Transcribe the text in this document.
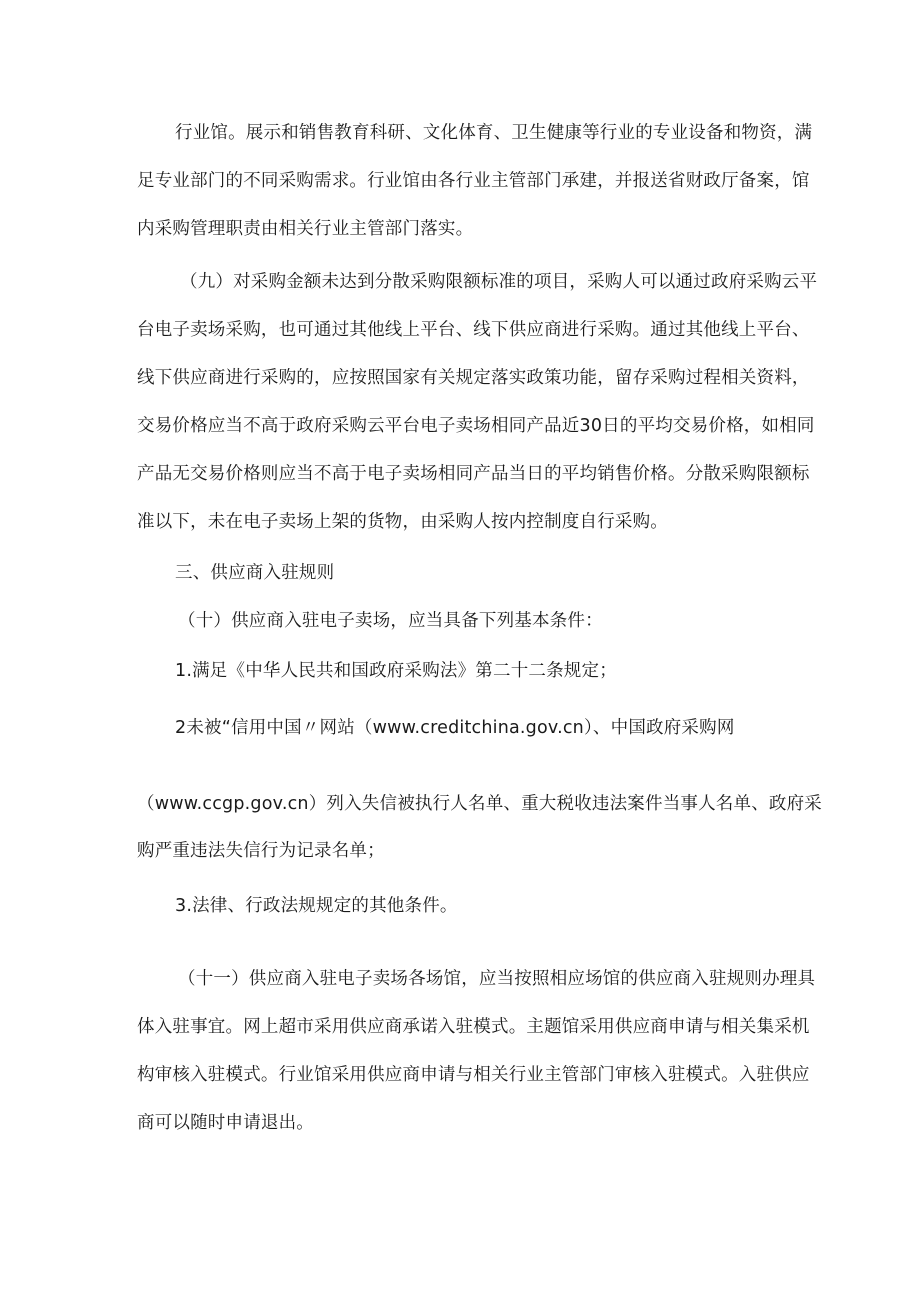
行业馆。展示和销售教育科研、文化体育、卫生健康等行业的专业设备和物资，满
足专业部门的不同采购需求。行业馆由各行业主管部门承建，并报送省财政厅备案，馆
内采购管理职责由相关行业主管部门落实。
（九）对采购金额未达到分散采购限额标准的项目，采购人可以通过政府采购云平
台电子卖场采购，也可通过其他线上平台、线下供应商进行采购。通过其他线上平台、
线下供应商进行采购的，应按照国家有关规定落实政策功能，留存采购过程相关资料，
交易价格应当不高于政府采购云平台电子卖场相同产品近30日的平均交易价格，如相同
产品无交易价格则应当不高于电子卖场相同产品当日的平均销售价格。分散采购限额标
准以下，未在电子卖场上架的货物，由采购人按内控制度自行采购。
三、供应商入驻规则
（十）供应商入驻电子卖场，应当具备下列基本条件：
1.满足《中华人民共和国政府采购法》第二十二条规定；
2未被“信用中国〃网站（www.creditchina.gov.cn）、中国政府采购网
（www.ccgp.gov.cn）列入失信被执行人名单、重大税收违法案件当事人名单、政府采
购严重违法失信行为记录名单；
3.法律、行政法规规定的其他条件。
（十一）供应商入驻电子卖场各场馆，应当按照相应场馆的供应商入驻规则办理具
体入驻事宜。网上超市采用供应商承诺入驻模式。主题馆采用供应商申请与相关集采机
构审核入驻模式。行业馆采用供应商申请与相关行业主管部门审核入驻模式。入驻供应
商可以随时申请退出。
